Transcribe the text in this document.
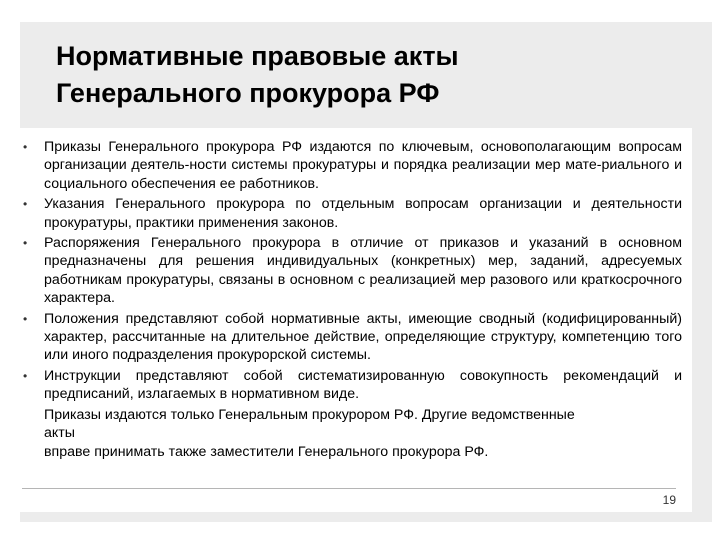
Нормативные правовые акты
Генерального прокурора РФ
•	Приказы Генерального прокурора РФ издаются по ключевым, основополагающим вопросам организации деятель-ности системы прокуратуры и порядка реализации мер мате-риального и социального обеспечения ее работников.
•	Указания Генерального прокурора по отдельным вопросам организации и деятельности прокуратуры, практики применения законов.
•	Распоряжения Генерального прокурора в отличие от приказов и указаний в основном предназначены для решения индивидуальных (конкретных) мер, заданий, адресуемых работникам прокуратуры, связаны в основном с реализацией мер разового или краткосрочного характера.
•	Положения представляют собой нормативные акты, имеющие сводный (кодифицированный) характер, рассчитанные на длительное действие, определяющие структуру, компетенцию того или иного подразделения прокурорской системы.
•	Инструкции представляют собой систематизированную совокупность рекомендаций и предписаний, излагаемых в нормативном виде.
Приказы издаются только Генеральным прокурором РФ. Другие ведомственные акты
вправе принимать также заместители Генерального прокурора РФ.
19
